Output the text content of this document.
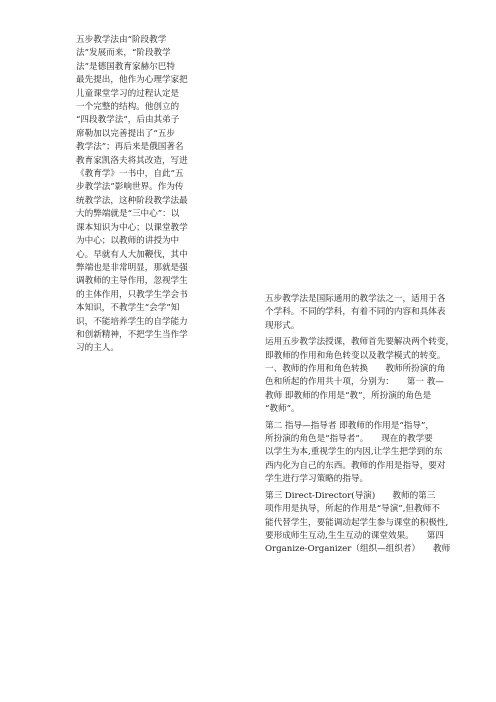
五步教学法由“阶段教学
法”发展而来，“阶段教学
法”是德国教育家赫尔巴特
最先提出，他作为心理学家把
儿童课堂学习的过程认定是
一个完整的结构。他创立的
“四段教学法”，后由其弟子
席勒加以完善提出了“五步
教学法”；再后来是俄国著名
教育家凯洛夫将其改造，写进
《教育学》一书中，自此“五
步教学法”影响世界。作为传
统教学法，这种阶段教学法最
大的弊端就是“三中心”：以
课本知识为中心；以课堂教学
为中心；以教师的讲授为中
心。早就有人大加鞭伐，其中
弊端也是非常明显，那就是强
调教师的主导作用，忽视学生
的主体作用，只教学生学会书
本知识，不教学生“会学”知
识，不能培养学生的自学能力
和创新精神，不把学生当作学
习的主人。
五步教学法是国际通用的教学法之一，适用于各
个学科。不同的学科，有着不同的内容和具体表
现形式。
运用五步教学法授课，教师首先要解决两个转变，
即教师的作用和角色转变以及教学模式的转变。
一、教师的作用和角色转换　　教师所扮演的角
色和所起的作用共十项，分别为：　　第一 教—
教师 即教师的作用是“教”，所扮演的角色是
“教师”。
第二 指导—指导者 即教师的作用是“指导”，
所扮演的角色是“指导者”。　　现在的教学要
以学生为本,重视学生的内因,让学生把学到的东
西内化为自己的东西。教师的作用是指导，要对
学生进行学习策略的指导。
第三 Direct-Director(导演)　　教师的第三
项作用是执导，所起的作用是“导演”,但教师不
能代替学生，要能调动起学生参与课堂的积极性,
要形成师生互动,生生互动的课堂效果。　　第四
Organize-Organizer（组织—组织者）　　教师
